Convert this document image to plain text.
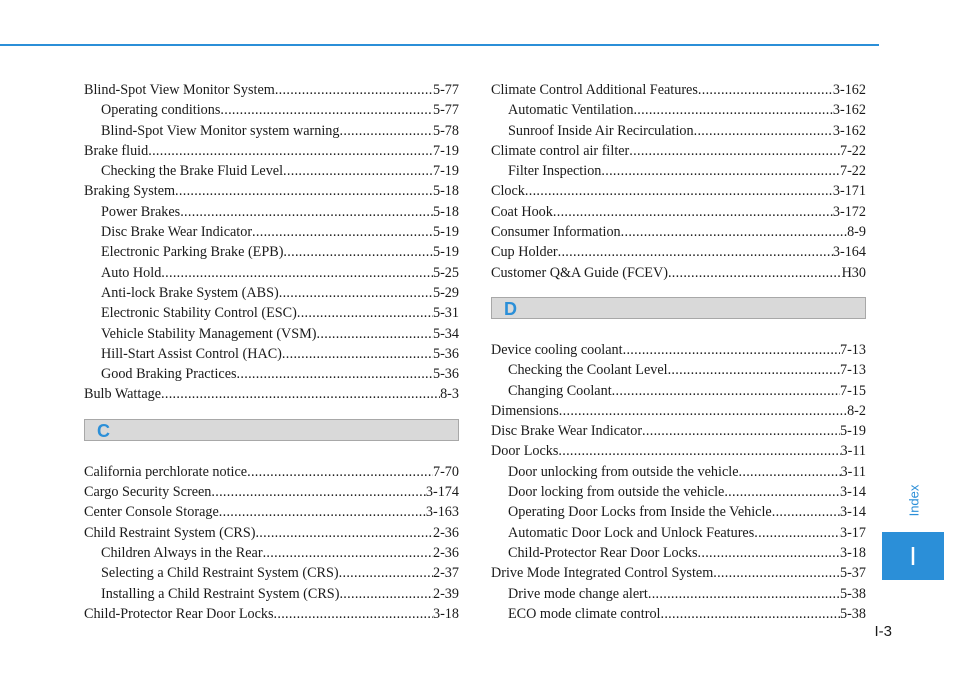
Blind-Spot View Monitor System .....	5-77
Operating conditions .....	5-77
Blind-Spot View Monitor system warning .....	5-78
Brake fluid .....	7-19
Checking the Brake Fluid Level .....	7-19
Braking System .....	5-18
Power Brakes .....	5-18
Disc Brake Wear Indicator .....	5-19
Electronic Parking Brake (EPB) .....	5-19
Auto Hold .....	5-25
Anti-lock Brake System (ABS) .....	5-29
Electronic Stability Control (ESC) .....	5-31
Vehicle Stability Management (VSM) .....	5-34
Hill-Start Assist Control (HAC) .....	5-36
Good Braking Practices .....	5-36
Bulb Wattage .....	8-3
C
California perchlorate notice .....	7-70
Cargo Security Screen .....	3-174
Center Console Storage .....	3-163
Child Restraint System (CRS) .....	2-36
Children Always in the Rear .....	2-36
Selecting a Child Restraint System (CRS) .....	2-37
Installing a Child Restraint System (CRS) .....	2-39
Child-Protector Rear Door Locks .....	3-18
Climate Control Additional Features .....	3-162
Automatic Ventilation .....	3-162
Sunroof Inside Air Recirculation .....	3-162
Climate control air filter .....	7-22
Filter Inspection .....	7-22
Clock .....	3-171
Coat Hook .....	3-172
Consumer Information .....	8-9
Cup Holder .....	3-164
Customer Q&A Guide (FCEV) .....	H30
D
Device cooling coolant .....	7-13
Checking the Coolant Level .....	7-13
Changing Coolant .....	7-15
Dimensions .....	8-2
Disc Brake Wear Indicator .....	5-19
Door Locks .....	3-11
Door unlocking from outside the vehicle .....	3-11
Door locking from outside the vehicle .....	3-14
Operating Door Locks from Inside the Vehicle .....	3-14
Automatic Door Lock and Unlock Features .....	3-17
Child-Protector Rear Door Locks .....	3-18
Drive Mode Integrated Control System .....	5-37
Drive mode change alert .....	5-38
ECO mode climate control .....	5-38
Index
I
I-3
